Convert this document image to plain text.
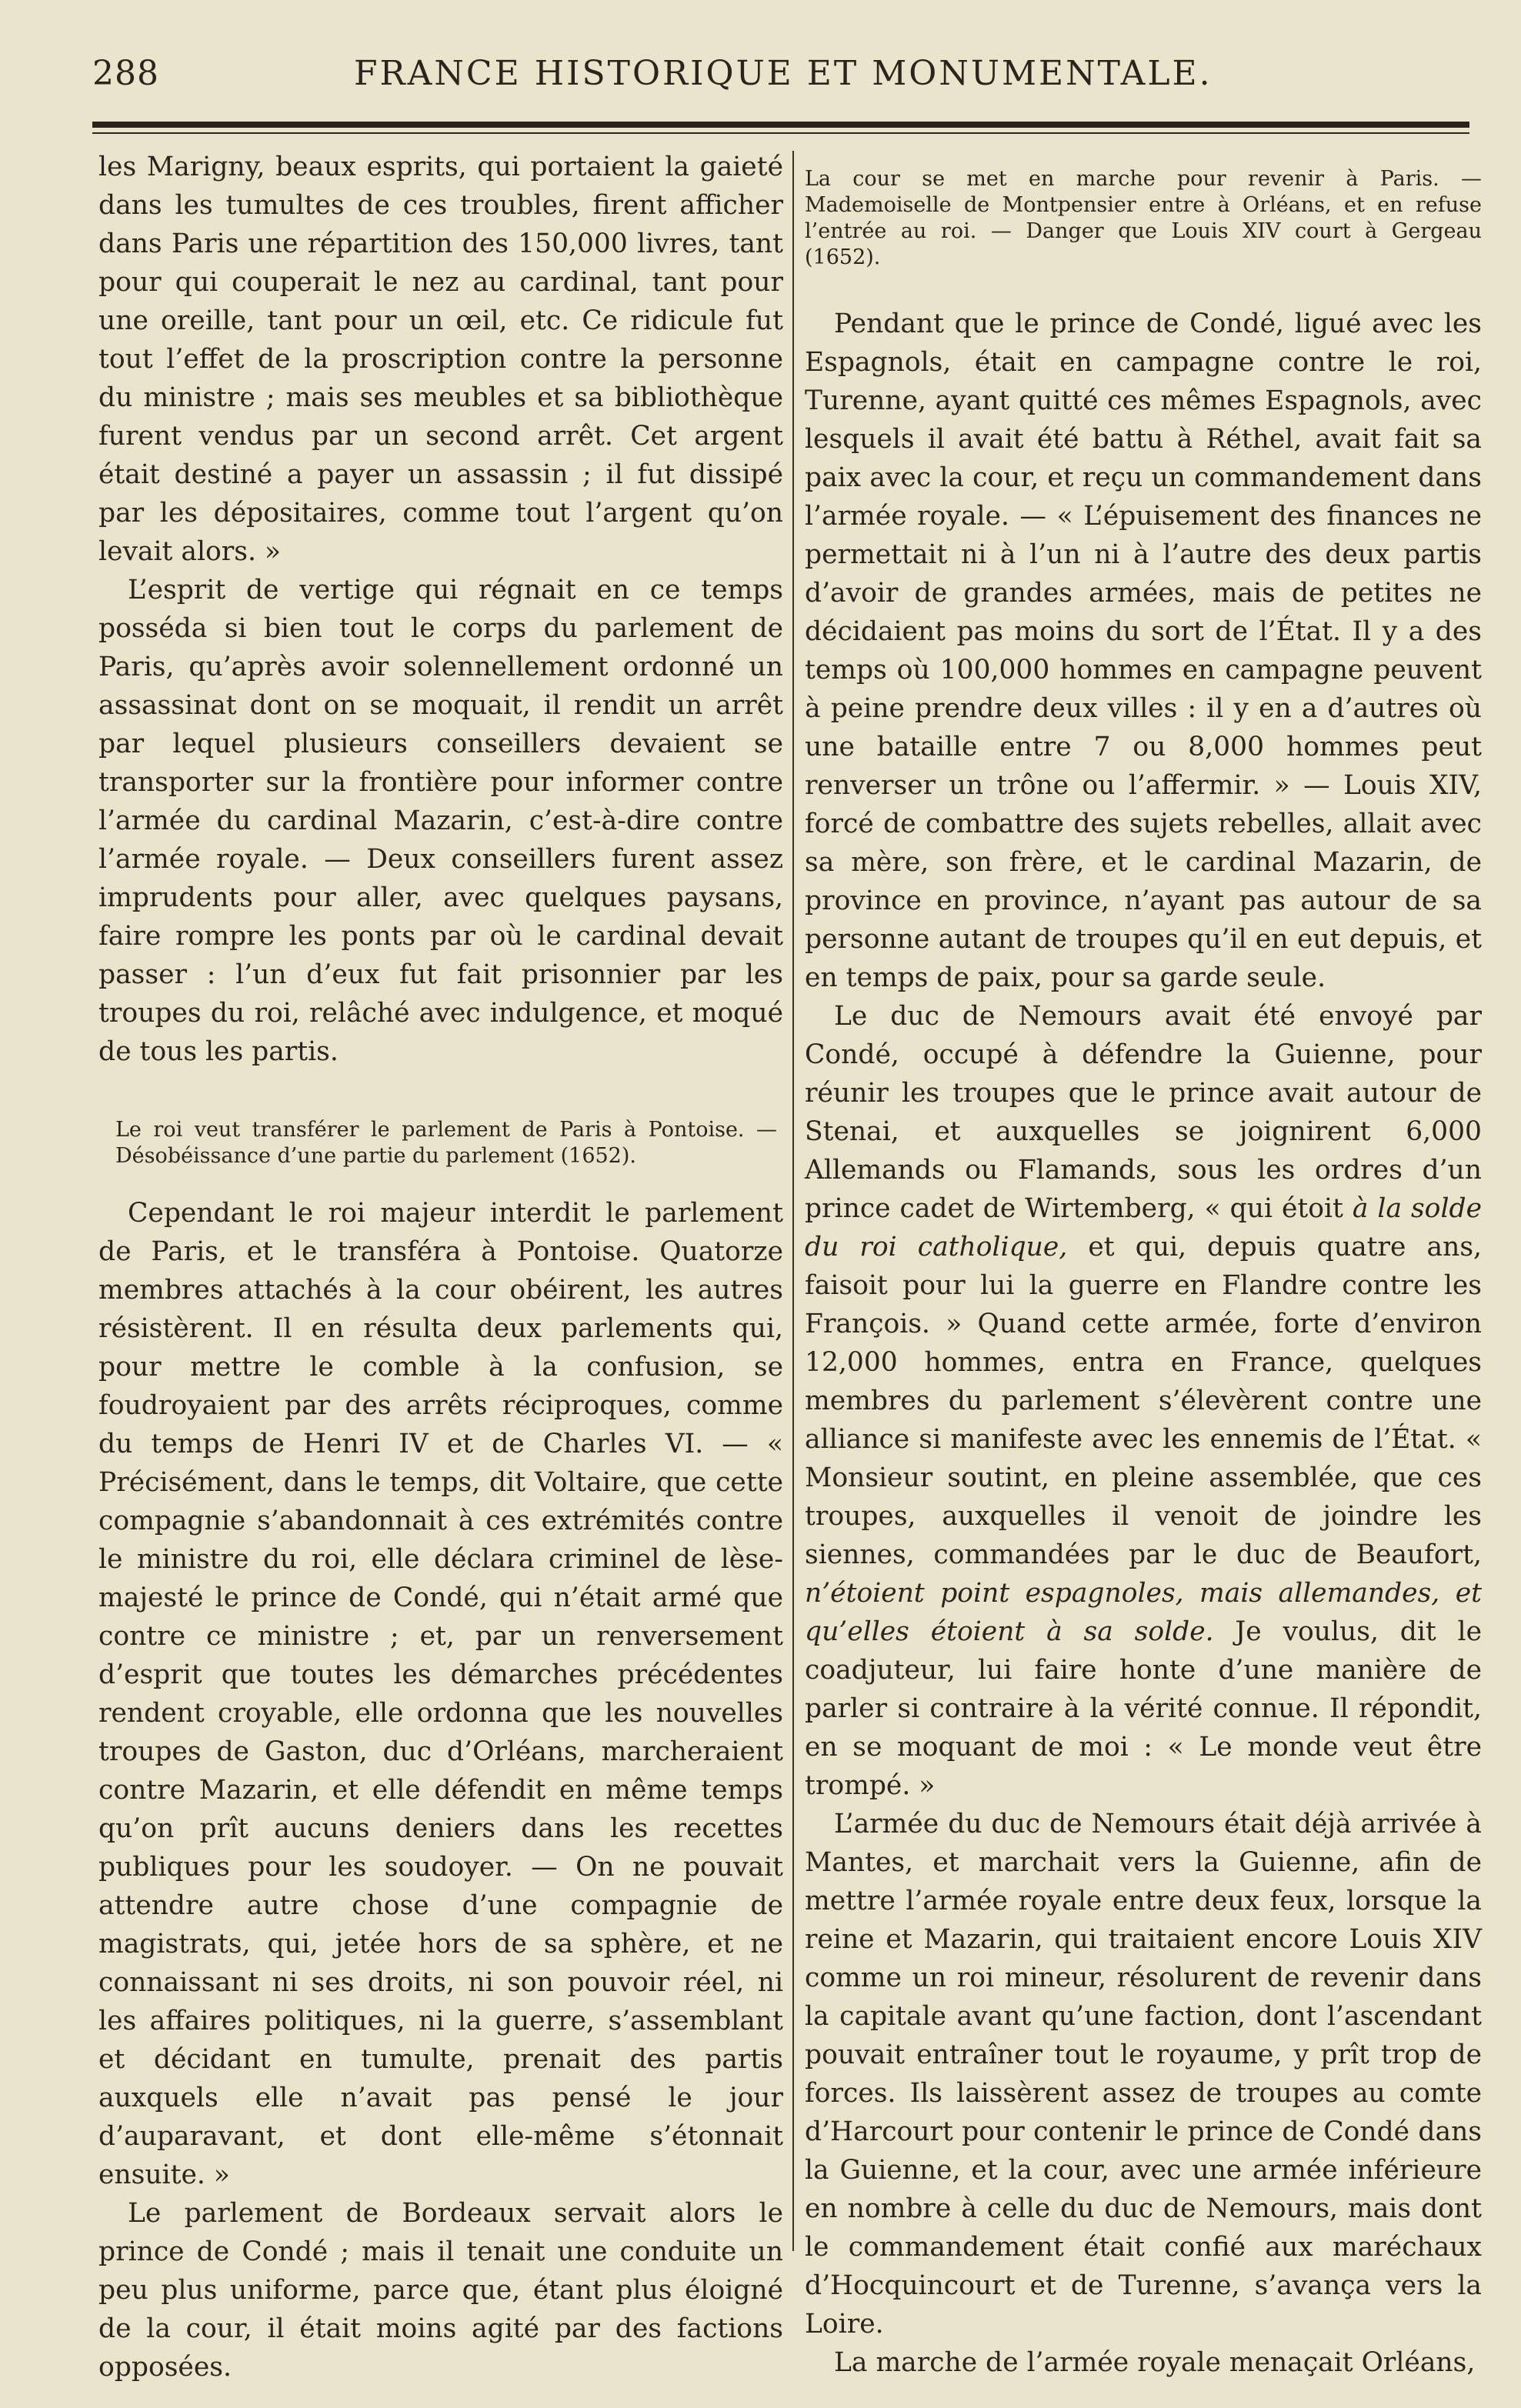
288	FRANCE HISTORIQUE ET MONUMENTALE.

les Marigny, beaux esprits, qui portaient la gaieté dans les tumultes de ces troubles, firent afficher dans Paris une répartition des 150,000 livres, tant pour qui couperait le nez au cardinal, tant pour une oreille, tant pour un œil, etc. Ce ridicule fut tout l’effet de la proscription contre la personne du ministre ; mais ses meubles et sa bibliothèque furent vendus par un second arrêt. Cet argent était destiné a payer un assassin ; il fut dissipé par les dépositaires, comme tout l’argent qu’on levait alors. »

L’esprit de vertige qui régnait en ce temps posséda si bien tout le corps du parlement de Paris, qu’après avoir solennellement ordonné un assassinat dont on se moquait, il rendit un arrêt par lequel plusieurs conseillers devaient se transporter sur la frontière pour informer contre l’armée du cardinal Mazarin, c’est-à-dire contre l’armée royale. — Deux conseillers furent assez imprudents pour aller, avec quelques paysans, faire rompre les ponts par où le cardinal devait passer : l’un d’eux fut fait prisonnier par les troupes du roi, relâché avec indulgence, et moqué de tous les partis.

Le roi veut transférer le parlement de Paris à Pontoise. — Désobéissance d’une partie du parlement (1652).

Cependant le roi majeur interdit le parlement de Paris, et le transféra à Pontoise. Quatorze membres attachés à la cour obéirent, les autres résistèrent. Il en résulta deux parlements qui, pour mettre le comble à la confusion, se foudroyaient par des arrêts réciproques, comme du temps de Henri IV et de Charles VI. — « Précisément, dans le temps, dit Voltaire, que cette compagnie s’abandonnait à ces extrémités contre le ministre du roi, elle déclara criminel de lèse-majesté le prince de Condé, qui n’était armé que contre ce ministre ; et, par un renversement d’esprit que toutes les démarches précédentes rendent croyable, elle ordonna que les nouvelles troupes de Gaston, duc d’Orléans, marcheraient contre Mazarin, et elle défendit en même temps qu’on prît aucuns deniers dans les recettes publiques pour les soudoyer. — On ne pouvait attendre autre chose d’une compagnie de magistrats, qui, jetée hors de sa sphère, et ne connaissant ni ses droits, ni son pouvoir réel, ni les affaires politiques, ni la guerre, s’assemblant et décidant en tumulte, prenait des partis auxquels elle n’avait pas pensé le jour d’auparavant, et dont elle-même s’étonnait ensuite. »

Le parlement de Bordeaux servait alors le prince de Condé ; mais il tenait une conduite un peu plus uniforme, parce que, étant plus éloigné de la cour, il était moins agité par des factions opposées.

La cour se met en marche pour revenir à Paris. — Mademoiselle de Montpensier entre à Orléans, et en refuse l’entrée au roi. — Danger que Louis XIV court à Gergeau (1652).

Pendant que le prince de Condé, ligué avec les Espagnols, était en campagne contre le roi, Turenne, ayant quitté ces mêmes Espagnols, avec lesquels il avait été battu à Réthel, avait fait sa paix avec la cour, et reçu un commandement dans l’armée royale. — « L’épuisement des finances ne permettait ni à l’un ni à l’autre des deux partis d’avoir de grandes armées, mais de petites ne décidaient pas moins du sort de l’État. Il y a des temps où 100,000 hommes en campagne peuvent à peine prendre deux villes : il y en a d’autres où une bataille entre 7 ou 8,000 hommes peut renverser un trône ou l’affermir. » — Louis XIV, forcé de combattre des sujets rebelles, allait avec sa mère, son frère, et le cardinal Mazarin, de province en province, n’ayant pas autour de sa personne autant de troupes qu’il en eut depuis, et en temps de paix, pour sa garde seule.

Le duc de Nemours avait été envoyé par Condé, occupé à défendre la Guienne, pour réunir les troupes que le prince avait autour de Stenai, et auxquelles se joignirent 6,000 Allemands ou Flamands, sous les ordres d’un prince cadet de Wirtemberg, « qui étoit à la solde du roi catholique, et qui, depuis quatre ans, faisoit pour lui la guerre en Flandre contre les François. » Quand cette armée, forte d’environ 12,000 hommes, entra en France, quelques membres du parlement s’élevèrent contre une alliance si manifeste avec les ennemis de l’État. « Monsieur soutint, en pleine assemblée, que ces troupes, auxquelles il venoit de joindre les siennes, commandées par le duc de Beaufort, n’étoient point espagnoles, mais allemandes, et qu’elles étoient à sa solde. Je voulus, dit le coadjuteur, lui faire honte d’une manière de parler si contraire à la vérité connue. Il répondit, en se moquant de moi : « Le monde veut être trompé. »

L’armée du duc de Nemours était déjà arrivée à Mantes, et marchait vers la Guienne, afin de mettre l’armée royale entre deux feux, lorsque la reine et Mazarin, qui traitaient encore Louis XIV comme un roi mineur, résolurent de revenir dans la capitale avant qu’une faction, dont l’ascendant pouvait entraîner tout le royaume, y prît trop de forces. Ils laissèrent assez de troupes au comte d’Harcourt pour contenir le prince de Condé dans la Guienne, et la cour, avec une armée inférieure en nombre à celle du duc de Nemours, mais dont le commandement était confié aux maréchaux d’Hocquincourt et de Turenne, s’avança vers la Loire.

La marche de l’armée royale menaçait Orléans,
